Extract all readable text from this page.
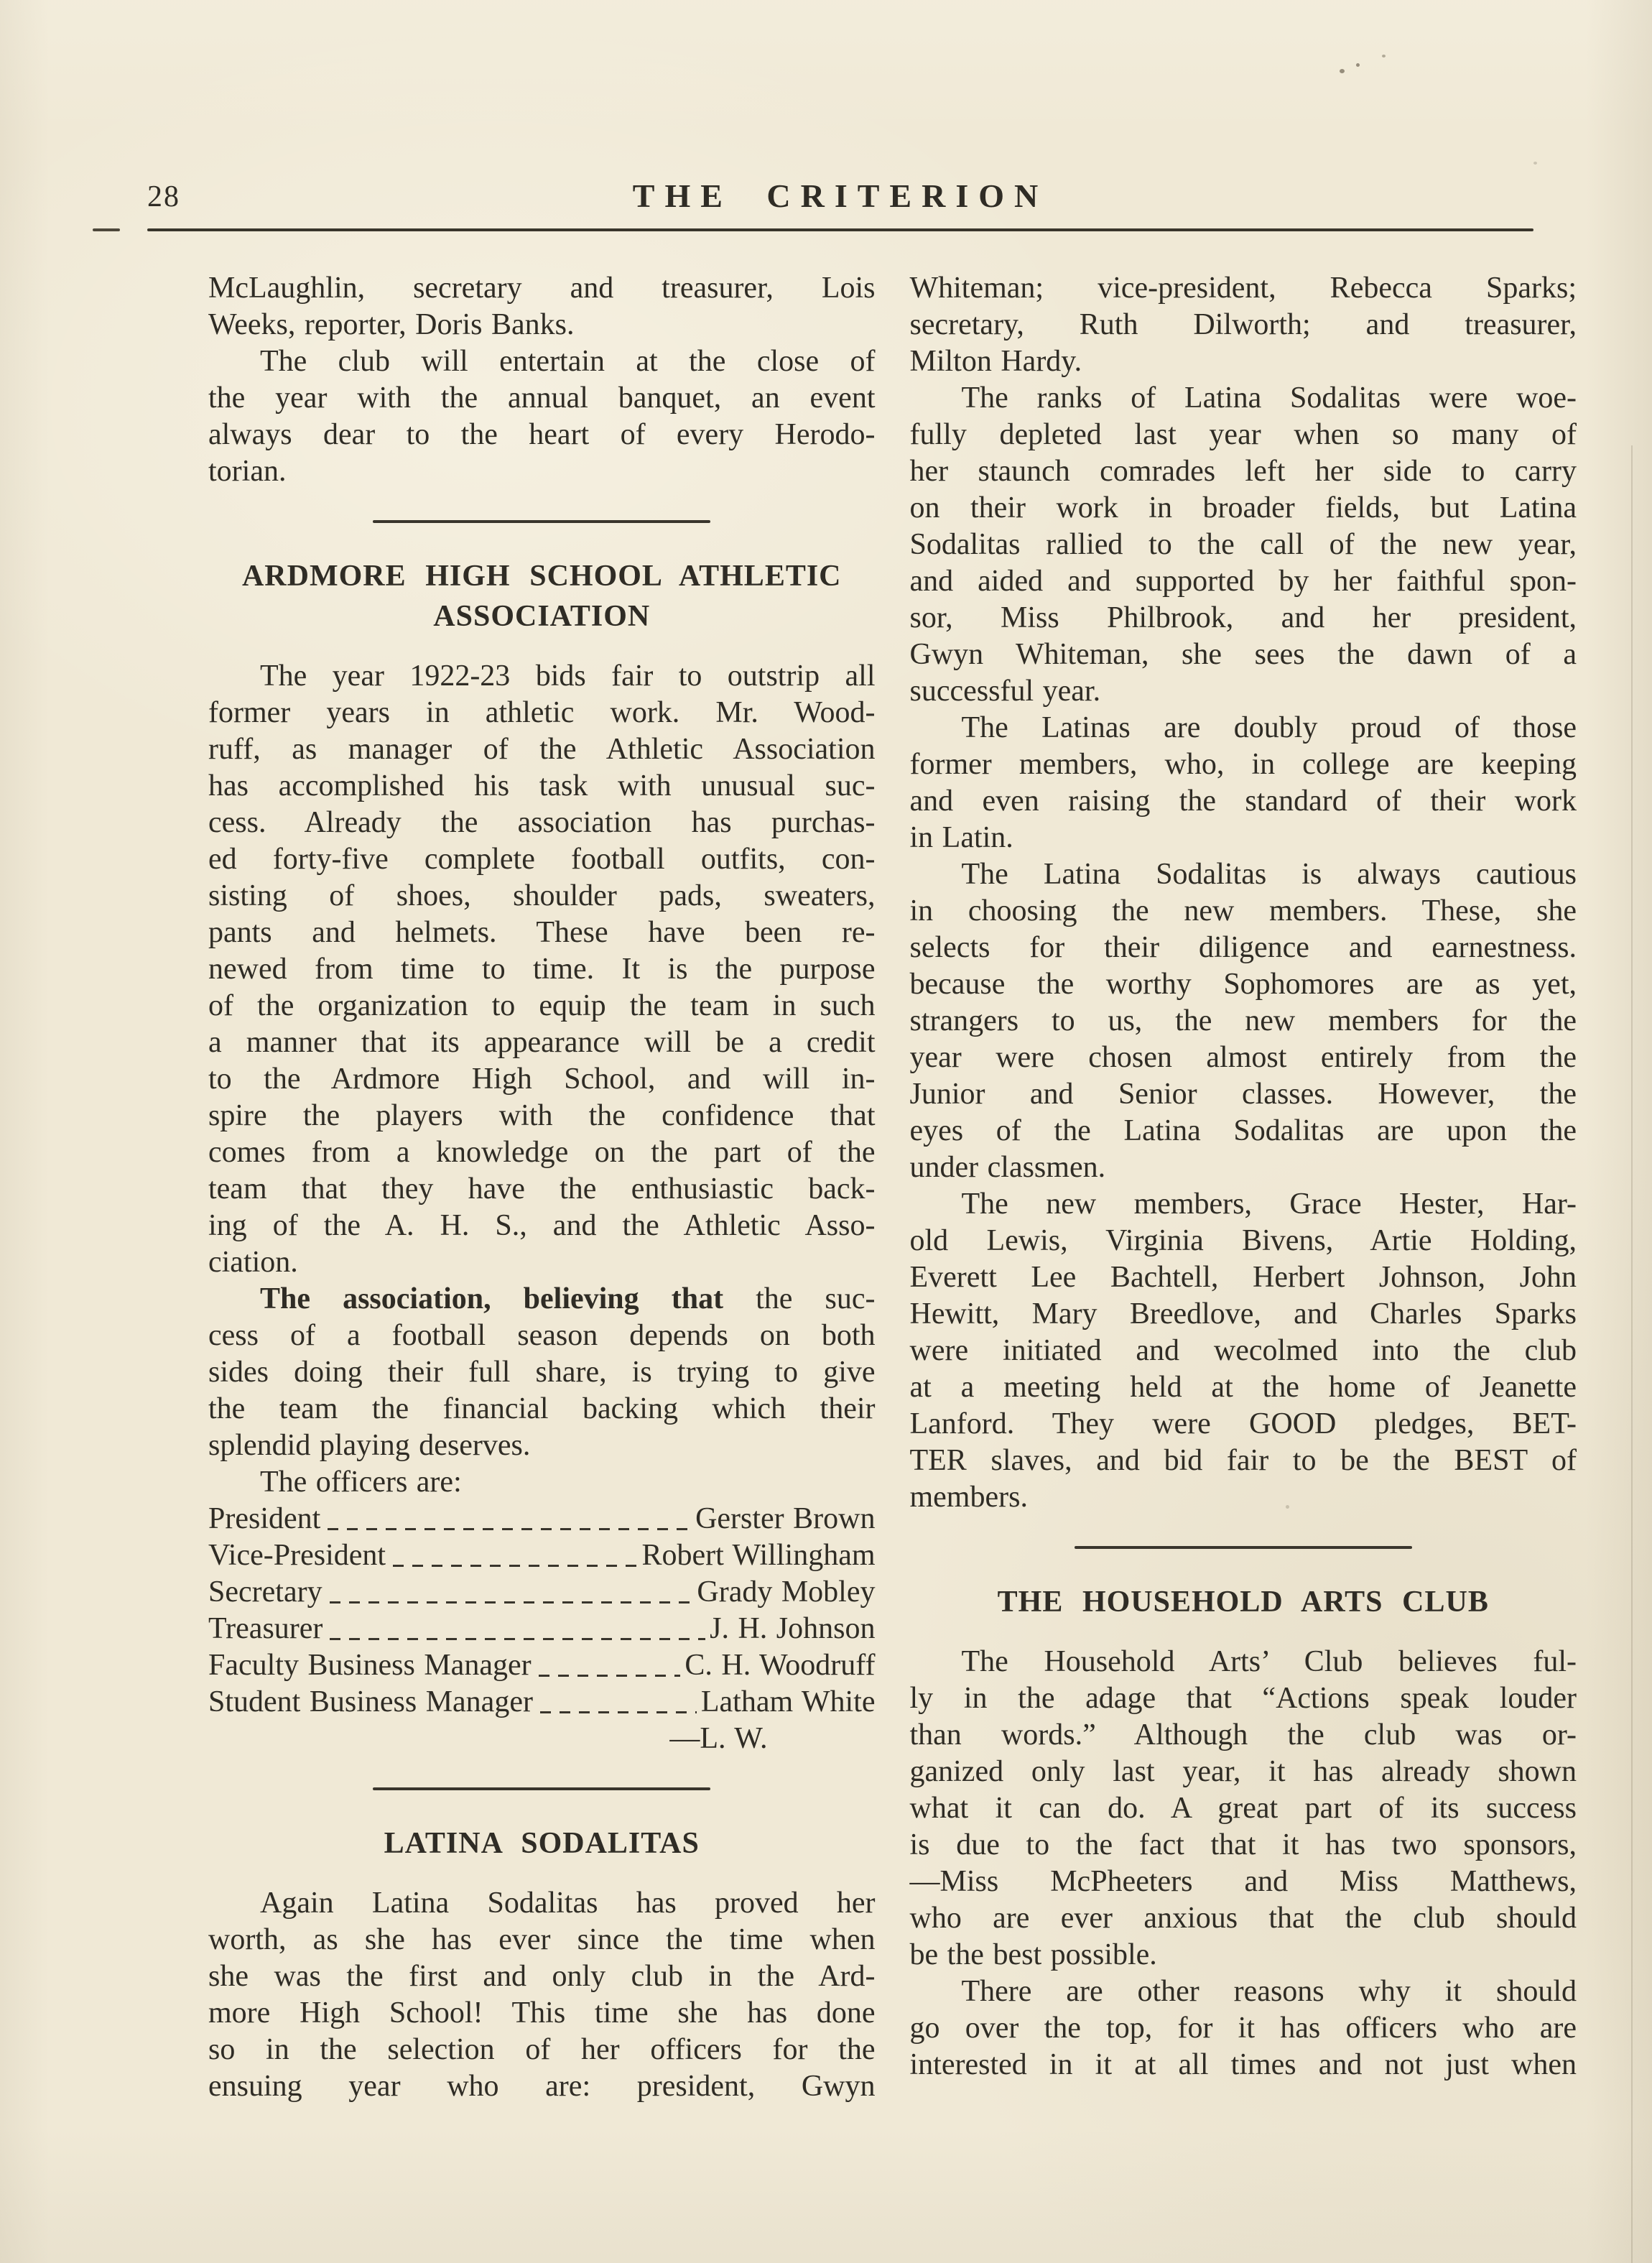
28	THE CRITERION
McLaughlin, secretary and treasurer, Lois
Weeks, reporter, Doris Banks.
The club will entertain at the close of
the year with the annual banquet, an event
always dear to the heart of every Herodo-
torian.
ARDMORE HIGH SCHOOL ATHLETIC
ASSOCIATION
The year 1922-23 bids fair to outstrip all
former years in athletic work. Mr. Wood-
ruff, as manager of the Athletic Association
has accomplished his task with unusual suc-
cess. Already the association has purchas-
ed forty-five complete football outfits, con-
sisting of shoes, shoulder pads, sweaters,
pants and helmets. These have been re-
newed from time to time. It is the purpose
of the organization to equip the team in such
a manner that its appearance will be a credit
to the Ardmore High School, and will in-
spire the players with the confidence that
comes from a knowledge on the part of the
team that they have the enthusiastic back-
ing of the A. H. S., and the Athletic Asso-
ciation.
The association, believing that the suc-
cess of a football season depends on both
sides doing their full share, is trying to give
the team the financial backing which their
splendid playing deserves.
The officers are:
President	Gerster Brown
Vice-President	Robert Willingham
Secretary	Grady Mobley
Treasurer	J. H. Johnson
Faculty Business Manager	C. H. Woodruff
Student Business Manager	Latham White
—L. W.
LATINA SODALITAS
Again Latina Sodalitas has proved her
worth, as she has ever since the time when
she was the first and only club in the Ard-
more High School! This time she has done
so in the selection of her officers for the
ensuing year who are: president, Gwyn
Whiteman; vice-president, Rebecca Sparks;
secretary, Ruth Dilworth; and treasurer,
Milton Hardy.
The ranks of Latina Sodalitas were woe-
fully depleted last year when so many of
her staunch comrades left her side to carry
on their work in broader fields, but Latina
Sodalitas rallied to the call of the new year,
and aided and supported by her faithful spon-
sor, Miss Philbrook, and her president,
Gwyn Whiteman, she sees the dawn of a
successful year.
The Latinas are doubly proud of those
former members, who, in college are keeping
and even raising the standard of their work
in Latin.
The Latina Sodalitas is always cautious
in choosing the new members. These, she
selects for their diligence and earnestness.
because the worthy Sophomores are as yet,
strangers to us, the new members for the
year were chosen almost entirely from the
Junior and Senior classes. However, the
eyes of the Latina Sodalitas are upon the
under classmen.
The new members, Grace Hester, Har-
old Lewis, Virginia Bivens, Artie Holding,
Everett Lee Bachtell, Herbert Johnson, John
Hewitt, Mary Breedlove, and Charles Sparks
were initiated and wecolmed into the club
at a meeting held at the home of Jeanette
Lanford. They were GOOD pledges, BET-
TER slaves, and bid fair to be the BEST of
members.
THE HOUSEHOLD ARTS CLUB
The Household Arts’ Club believes ful-
ly in the adage that “Actions speak louder
than words.” Although the club was or-
ganized only last year, it has already shown
what it can do. A great part of its success
is due to the fact that it has two sponsors,
—Miss McPheeters and Miss Matthews,
who are ever anxious that the club should
be the best possible.
There are other reasons why it should
go over the top, for it has officers who are
interested in it at all times and not just when
